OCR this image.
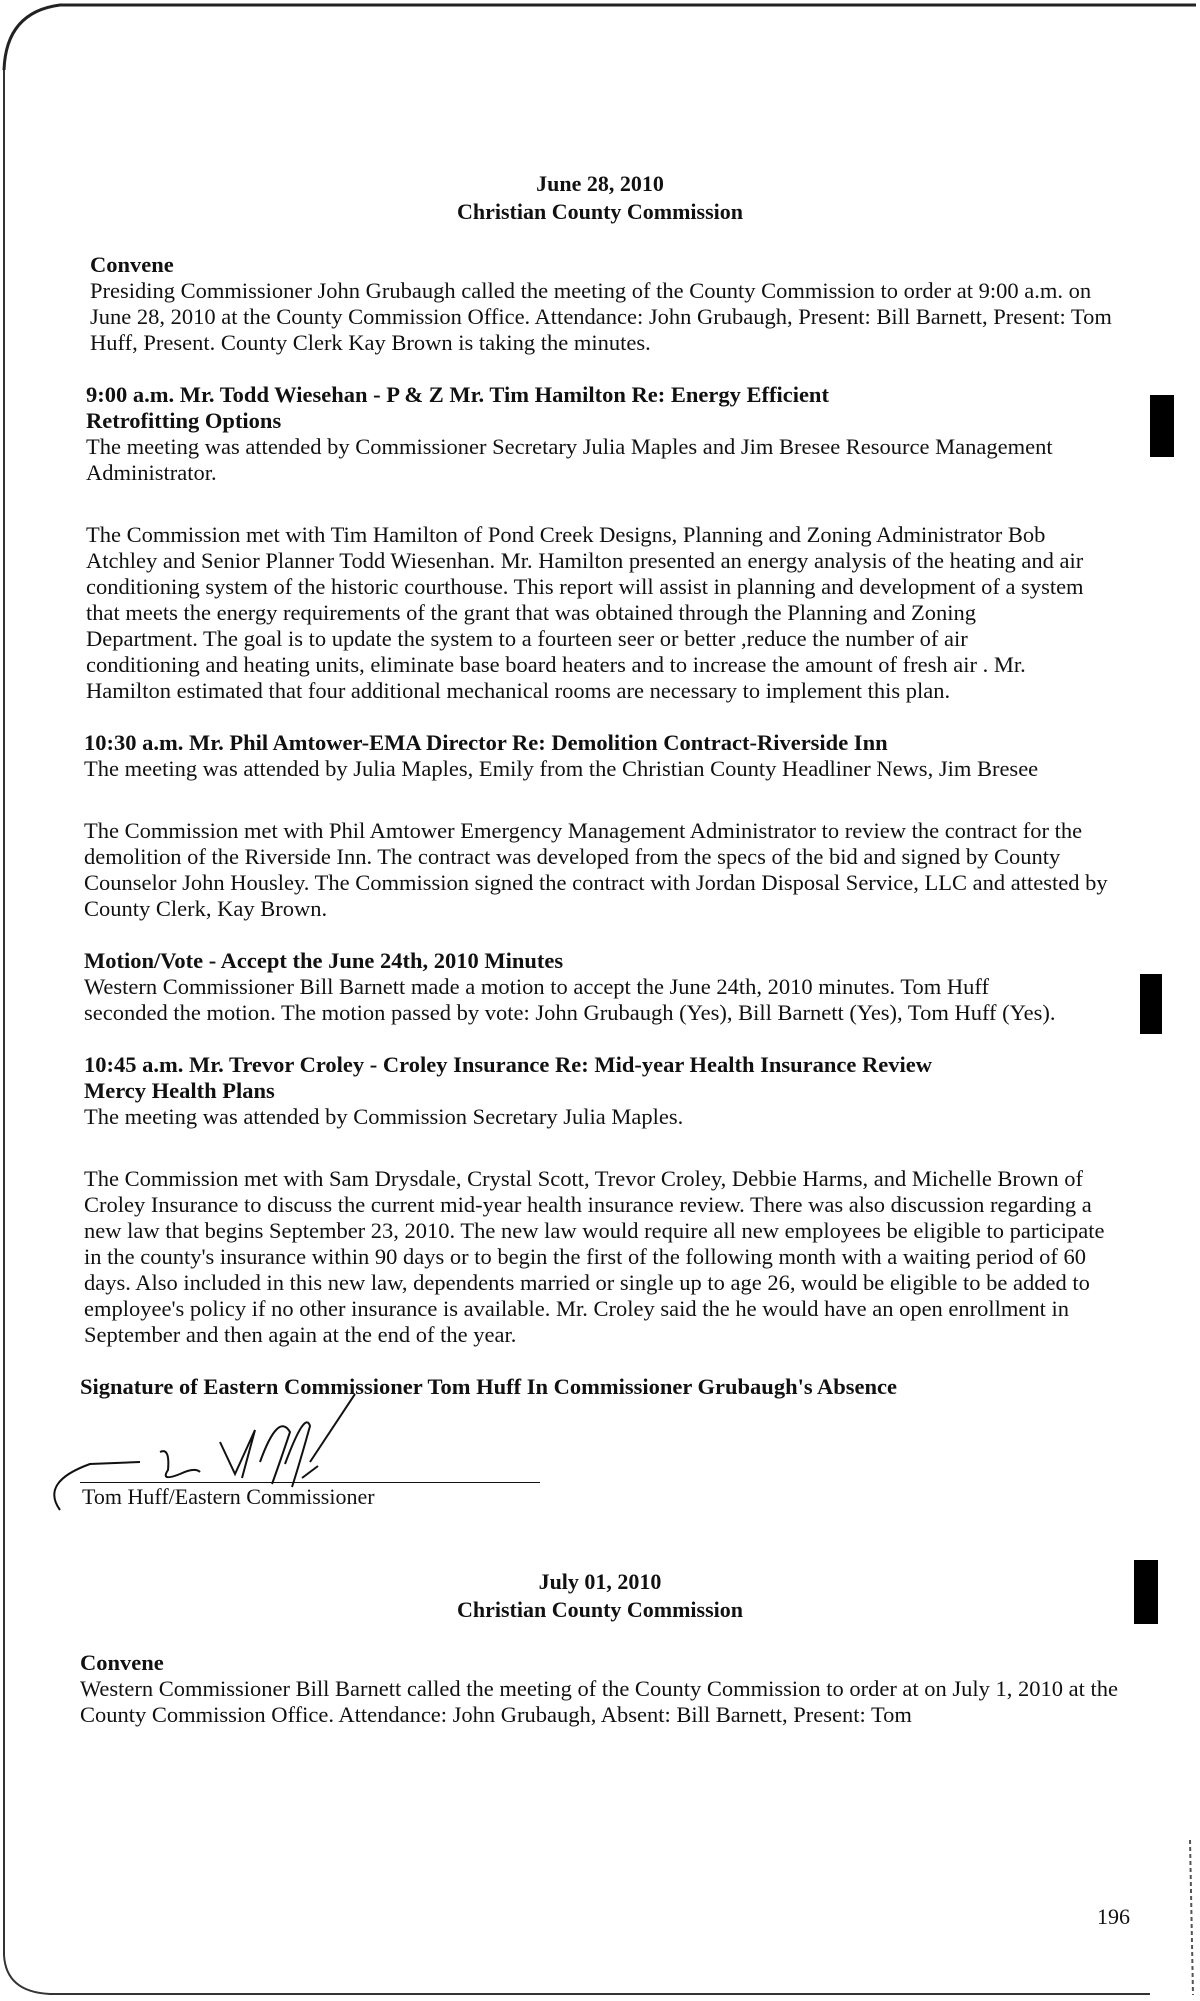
June 28, 2010
Christian County Commission

Convene

Presiding Commissioner John Grubaugh called the meeting of the County Commission to order at 9:00 a.m. on June 28, 2010 at the County Commission Office. Attendance: John Grubaugh, Present: Bill Barnett, Present: Tom Huff, Present. County Clerk Kay Brown is taking the minutes.

9:00 a.m. Mr. Todd Wiesehan - P & Z Mr. Tim Hamilton Re: Energy Efficient Retrofitting Options

The meeting was attended by Commissioner Secretary Julia Maples and Jim Bresee Resource Management Administrator.

The Commission met with Tim Hamilton of Pond Creek Designs, Planning and Zoning Administrator Bob Atchley and Senior Planner Todd Wiesenhan. Mr. Hamilton presented an energy analysis of the heating and air conditioning system of the historic courthouse. This report will assist in planning and development of a system that meets the energy requirements of the grant that was obtained through the Planning and Zoning Department. The goal is to update the system to a fourteen seer or better ,reduce the number of air conditioning and heating units, eliminate base board heaters and to increase the amount of fresh air . Mr. Hamilton estimated that four additional mechanical rooms are necessary to implement this plan.

10:30 a.m. Mr. Phil Amtower-EMA Director Re: Demolition Contract-Riverside Inn

The meeting was attended by Julia Maples, Emily from the Christian County Headliner News, Jim Bresee

The Commission met with Phil Amtower Emergency Management Administrator to review the contract for the demolition of the Riverside Inn. The contract was developed from the specs of the bid and signed by County Counselor John Housley. The Commission signed the contract with Jordan Disposal Service, LLC and attested by County Clerk, Kay Brown.

Motion/Vote - Accept the June 24th, 2010 Minutes

Western Commissioner Bill Barnett made a motion to accept the June 24th, 2010 minutes. Tom Huff seconded the motion. The motion passed by vote: John Grubaugh (Yes), Bill Barnett (Yes), Tom Huff (Yes).

10:45 a.m. Mr. Trevor Croley - Croley Insurance Re: Mid-year Health Insurance Review Mercy Health Plans

The meeting was attended by Commission Secretary Julia Maples.

The Commission met with Sam Drysdale, Crystal Scott, Trevor Croley, Debbie Harms, and Michelle Brown of Croley Insurance to discuss the current mid-year health insurance review. There was also discussion regarding a new law that begins September 23, 2010. The new law would require all new employees be eligible to participate in the county's insurance within 90 days or to begin the first of the following month with a waiting period of 60 days. Also included in this new law, dependents married or single up to age 26, would be eligible to be added to employee's policy if no other insurance is available. Mr. Croley said the he would have an open enrollment in September and then again at the end of the year.

Signature of Eastern Commissioner Tom Huff In Commissioner Grubaugh's Absence

Tom Huff/Eastern Commissioner
July 01, 2010
Christian County Commission

Convene

Western Commissioner Bill Barnett called the meeting of the County Commission to order at on July 1, 2010 at the County Commission Office. Attendance: John Grubaugh, Absent: Bill Barnett, Present: Tom

196
